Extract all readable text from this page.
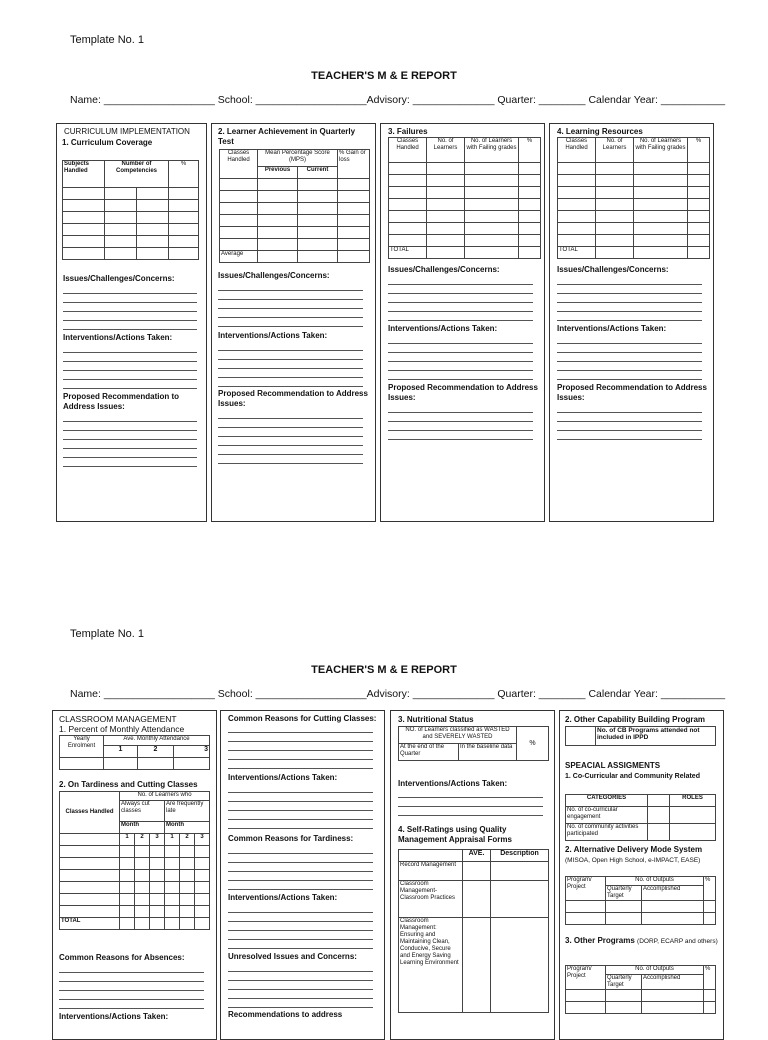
Template No. 1
TEACHER'S M & E REPORT
Name: ___________________ School: ___________________Advisory: ______________ Quarter: ________ Calendar Year: ___________
CURRICULUM IMPLEMENTATION
1. Curriculum Coverage
Subjects Handled	Number of Competencies		%

Issues/Challenges/Concerns:
Interventions/Actions Taken:
Proposed Recommendation to Address Issues:
2. Learner Achievement in Quarterly Test
Classes Handled	Mean Percentage Score (MPS)		% Gain or loss
	Previous	Current	

Average			
Issues/Challenges/Concerns:
Interventions/Actions Taken:
Proposed Recommendation to Address Issues:
3. Failures
Classes Handled	No. of Learners	No. of Learners with Failing grades	%

TOTAL			
Issues/Challenges/Concerns:
Interventions/Actions Taken:
Proposed Recommendation to Address Issues:
4. Learning Resources
Classes Handled	No. of Learners	No. of Learners with Failing grades	%

TOTAL			
Issues/Challenges/Concerns:
Interventions/Actions Taken:
Proposed Recommendation to Address Issues:
Template No. 1
TEACHER'S M & E REPORT
Name: ___________________ School: ___________________Advisory: ______________ Quarter: ________ Calendar Year: ___________
CLASSROOM MANAGEMENT
1. Percent of Monthly Attendance
Yearly Enrolment	Ave. Monthly Attendance		
	1	2	3

2. On Tardiness and Cutting Classes
Classes Handled	No. of Learners who					
	Always cut classes			Are frequently late		
	Month			Month		
	1	2	3	1	2	3

TOTAL						
Common Reasons for Absences:
Interventions/Actions Taken:
Common Reasons for Cutting Classes:
Interventions/Actions Taken:
Common Reasons for Tardiness:
Interventions/Actions Taken:
Unresolved Issues and Concerns:
Recommendations to address
3. Nutritional Status
NO. of Learners classified as WASTED and SEVERELY WASTED		%
At the end of the Quarter	In the baseline data	
Interventions/Actions Taken:
4. Self-Ratings using Quality Management Appraisal Forms
	AVE.	Description
Record Management		
Classroom Management- Classroom Practices		
Classroom Management: Ensuring and Maintaining Clean, Conducive, Secure and Energy Saving Learning Environment		
2. Other Capability Building Program
	No. of CB Programs attended not included in IPPD
SPEACIAL ASSIGMENTS
1. Co-Curricular and Community Related
CATEGORIES		ROLES
No. of co-curricular engagement		
No. of community activities participated		
2. Alternative Delivery Mode System
(MISOA, Open High School, e-IMPACT, EASE)
Program/ Project	No. of Outputs		%
	Quarterly Target	Accomplished	

3. Other Programs (DORP, ECARP and others)
Program/ Project	No. of Outputs		%
	Quarterly Target	Accomplished	
